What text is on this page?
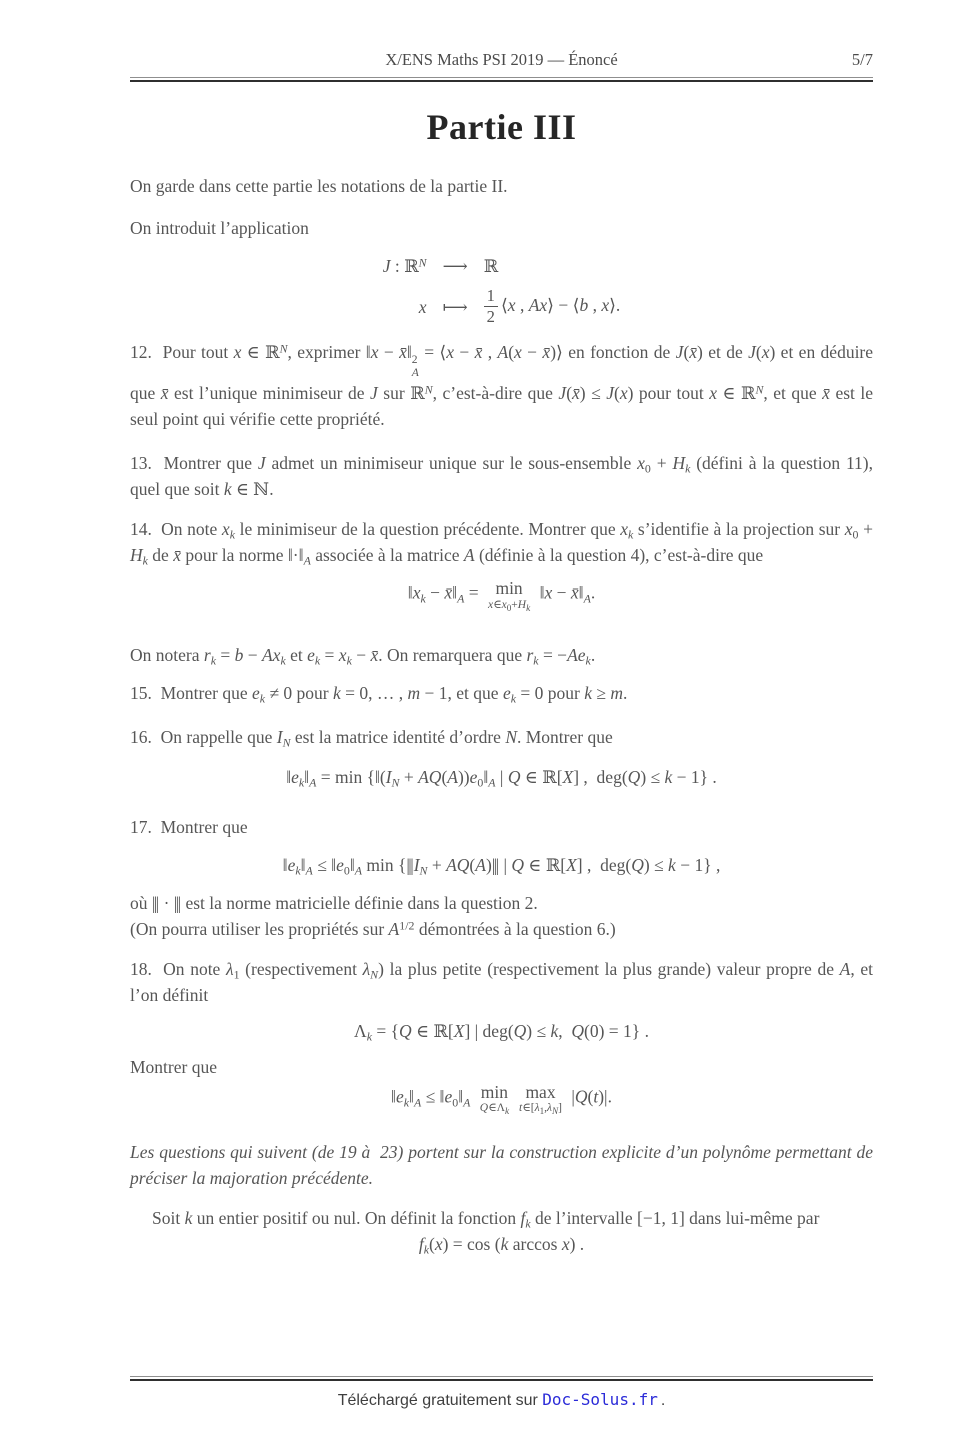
X/ENS Maths PSI 2019 — Énoncé	5/7
Partie III

On garde dans cette partie les notations de la partie II.

On introduit l’application

J : ℝ$^N$ ⟶ ℝ
x ⟼ $\frac{1}{2}$ ⟨x , Ax⟩ − ⟨b , x⟩.

12.  Pour tout x ∈ ℝ$^N$, exprimer ‖x − x̄‖ 2
A
= ⟨x − x̄ , A(x − x̄)⟩ en fonction de J(x̄) et de J(x) et en déduire que x̄ est l’unique minimiseur de J sur ℝ$^N$, c’est-à-dire que J(x̄) ≤ J(x) pour tout x ∈ ℝ$^N$, et que x̄ est le seul point qui vérifie cette propriété.

13.  Montrer que J admet un minimiseur unique sur le sous-ensemble $x_0 + H_k$ (défini à la question 11), quel que soit k ∈ ℕ.

14.  On note $x_k$ le minimiseur de la question précédente. Montrer que $x_k$ s’identifie à la projection sur $x_0 + H_k$ de x̄ pour la norme $‖\cdot‖_A$ associée à la matrice A (définie à la question 4), c’est-à-dire que

$‖x_k$ − $x̄‖_A = \min$
$x\in x_0+H_k$
‖x − $x̄‖_A$.

On notera $r_k = b - Ax_k$ et $e_k = x_k$ − x̄. On remarquera que $r_k = -Ae_k$.

15.  Montrer que $e_k \ne 0$ pour k = 0, … , m − 1, et que $e_k = 0$ pour k ≥ m.

16.  On rappelle que $I_N$ est la matrice identité d’ordre N. Montrer que

$‖e_k‖_A = \min$ {$‖(I_N$ + $AQ(A))e_0‖_A$ | Q ∈ ℝ[X] ,  deg(Q) ≤ k − 1} .

17.  Montrer que

$‖e_k‖_A$ ≤ $‖e_0‖_A$ $\min \{|||I_N + AQ(A)|||$ | Q ∈ ℝ[X] ,  deg(Q) ≤ k − 1} ,

où ||| · ||| est la norme matricielle définie dans la question 2.

(On pourra utiliser les propriétés sur $A^{1/2}$ démontrées à la question 6.)

18.  On note $\lambda_1$ (respectivement $\lambda_N$) la plus petite (respectivement la plus grande) valeur propre de A, et l’on définit

$\Lambda_k = \{Q$ ∈ ℝ[X] | deg(Q) ≤ k,  Q(0) = 1} .

Montrer que

$‖e_k‖_A$ ≤ $‖e_0‖_A$
min
$Q\in\Lambda_k$
max
$t\in[\lambda_1,\lambda_N]$
|Q(t)|.

Les questions qui suivent (de 19 à  23) portent sur la construction explicite d’un polynôme permettant de préciser la majoration précédente.

Soit k un entier positif ou nul. On définit la fonction $f_k$ de l’intervalle [−1, 1] dans lui-même par

$f_k(x) = \cos (k$ arccos x) .
Téléchargé gratuitement sur Doc-Solus.fr .
